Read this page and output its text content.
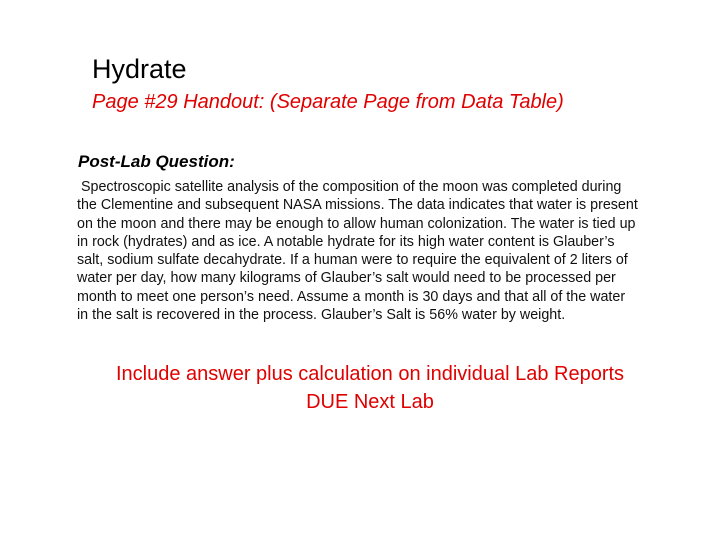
Hydrate
Page #29 Handout: (Separate Page from Data Table)
Post-Lab Question:
Spectroscopic satellite analysis of the composition of the moon was completed during
the Clementine and subsequent NASA missions. The data indicates that water is present
on the moon and there may be enough to allow human colonization. The water is tied up
in rock (hydrates) and as ice. A notable hydrate for its high water content is Glauber’s
salt, sodium sulfate decahydrate. If a human were to require the equivalent of 2 liters of
water per day, how many kilograms of Glauber’s salt would need to be processed per
month to meet one person’s need. Assume a month is 30 days and that all of the water
in the salt is recovered in the process. Glauber’s Salt is 56% water by weight.
Include answer plus calculation on individual Lab Reports
DUE Next Lab
